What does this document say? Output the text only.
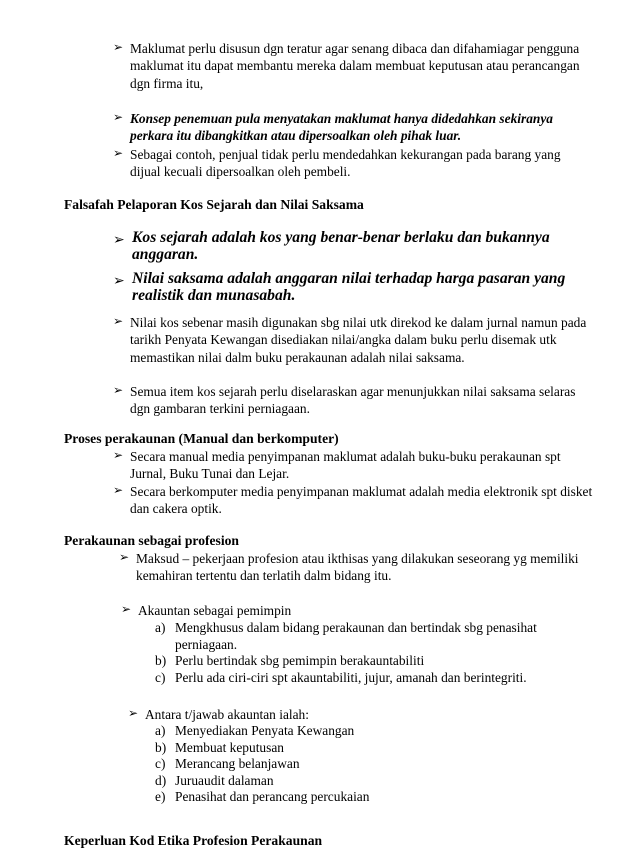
➢ Maklumat perlu disusun dgn teratur agar senang dibaca dan difahamiagar pengguna maklumat itu dapat membantu mereka dalam membuat keputusan atau perancangan dgn firma itu,
➢ Konsep penemuan pula menyatakan maklumat hanya didedahkan sekiranya perkara itu dibangkitkan atau dipersoalkan oleh pihak luar.
➢ Sebagai contoh, penjual tidak perlu mendedahkan kekurangan pada barang yang dijual kecuali dipersoalkan oleh pembeli.
Falsafah Pelaporan Kos Sejarah dan Nilai Saksama
➢ Kos sejarah adalah kos yang benar-benar berlaku dan bukannya anggaran.
➢ Nilai saksama adalah anggaran nilai terhadap harga pasaran yang realistik dan munasabah.
➢ Nilai kos sebenar masih digunakan sbg nilai utk direkod ke dalam jurnal namun pada tarikh Penyata Kewangan disediakan nilai/angka dalam buku perlu disemak utk memastikan nilai dalm buku perakaunan adalah nilai saksama.
➢ Semua item kos sejarah perlu diselaraskan agar menunjukkan nilai saksama selaras dgn gambaran terkini perniagaan.
Proses perakaunan (Manual dan berkomputer)
➢ Secara manual media penyimpanan maklumat adalah buku-buku perakaunan spt Jurnal, Buku Tunai dan Lejar.
➢ Secara berkomputer media penyimpanan maklumat adalah media elektronik spt disket dan cakera optik.
Perakaunan sebagai profesion
➢ Maksud – pekerjaan profesion atau ikthisas yang dilakukan seseorang yg memiliki kemahiran tertentu dan terlatih dalm bidang itu.
➢ Akauntan sebagai pemimpin
a) Mengkhusus dalam bidang perakaunan dan bertindak sbg penasihat perniagaan.
b) Perlu bertindak sbg pemimpin berakauntabiliti
c) Perlu ada ciri-ciri spt akauntabiliti, jujur, amanah dan berintegriti.
➢ Antara t/jawab akauntan ialah:
a) Menyediakan Penyata Kewangan
b) Membuat keputusan
c) Merancang belanjawan
d) Juruaudit dalaman
e) Penasihat dan perancang percukaian
Keperluan Kod Etika Profesion Perakaunan
